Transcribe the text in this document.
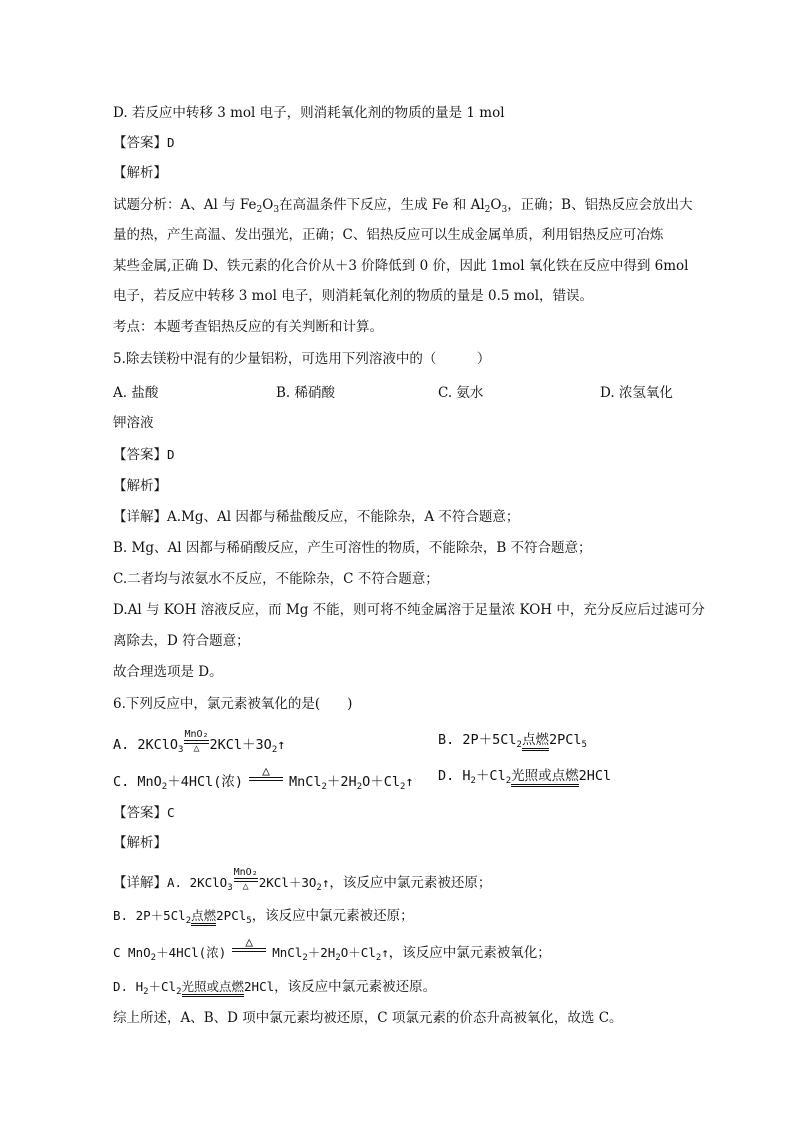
D. 若反应中转移 3 mol 电子，则消耗氧化剂的物质的量是 1 mol
【答案】D
【解析】
试题分析：A、Al 与 $Fe_2O_3$在高温条件下反应，生成 Fe 和 $Al_2O_3$，正确；B、铝热反应会放出大
量的热，产生高温、发出强光，正确；C、铝热反应可以生成金属单质，利用铝热反应可冶炼
某些金属,正确 D、铁元素的化合价从＋3 价降低到 0 价，因此 1mol 氧化铁在反应中得到 6mol
电子，若反应中转移 3 mol 电子，则消耗氧化剂的物质的量是 0.5 mol，错误。
考点：本题考查铝热反应的有关判断和计算。
5.除去镁粉中混有的少量铝粉，可选用下列溶液中的（　　　）
A. 盐酸	B. 稀硝酸	C. 氨水	D. 浓氢氧化
钾溶液
【答案】D
【解析】
【详解】A.Mg、Al 因都与稀盐酸反应，不能除杂，A 不符合题意；
B. Mg、Al 因都与稀硝酸反应，产生可溶性的物质，不能除杂，B 不符合题意；
C.二者均与浓氨水不反应，不能除杂，C 不符合题意；
D.Al 与 KOH 溶液反应，而 Mg 不能，则可将不纯金属溶于足量浓 KOH 中，充分反应后过滤可分
离除去，D 符合题意；
故合理选项是 D。
6.下列反应中，氯元素被氧化的是(　　)
A. 2KClO$_3$
MnO₂
△ $2KCl+3O_2↑$	B. $2P+5Cl_2$点燃2PCl$_5$
C. MnO$_2$＋4HCl(浓)
△

$MnCl_2+2H_2O+Cl_2↑$ D. $H_2+Cl_2$光照或点燃2HCl
【答案】C
【解析】
【详解】A. 2KClO$_3$
MnO₂
△ $2KCl+3O_2↑$，该反应中氯元素被还原；
B. $2P+5Cl_2$点燃2PCl$_5$，该反应中氯元素被还原；
C MnO$_2$＋4HCl(浓)
△

$MnCl_2+2H_2O+Cl_2↑$，该反应中氯元素被氧化；
D. $H_2+Cl_2$光照或点燃2HCl，该反应中氯元素被还原。
综上所述，A、B、D 项中氯元素均被还原，C 项氯元素的价态升高被氧化，故选 C。
